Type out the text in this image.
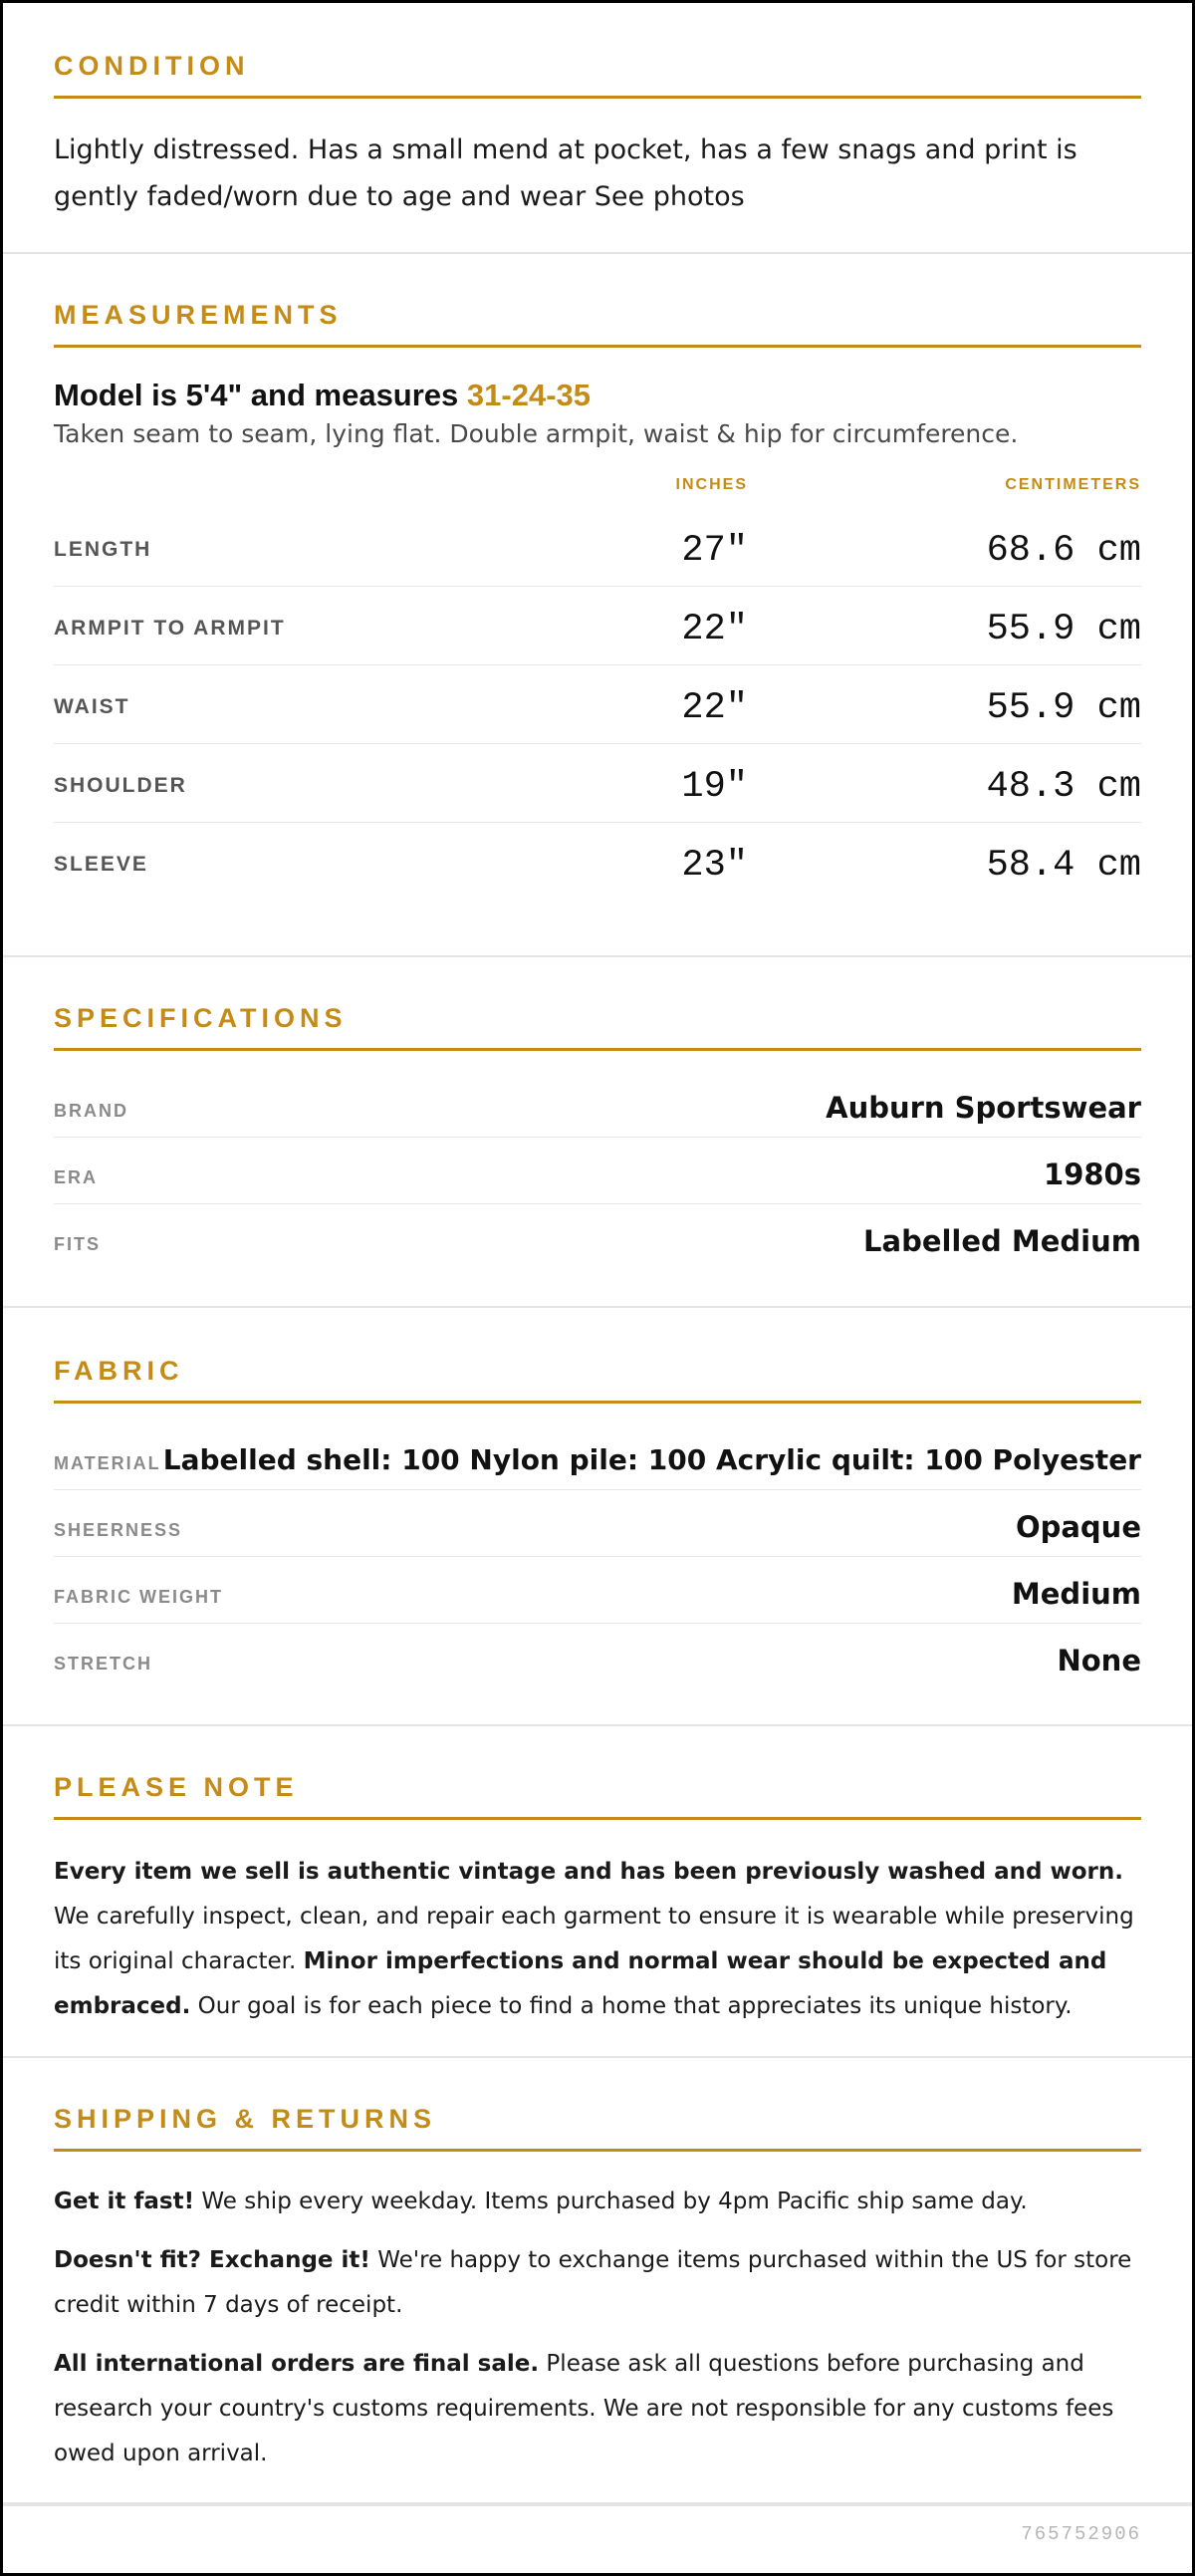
CONDITION

Lightly distressed. Has a small mend at pocket, has a few snags and print is gently faded/worn due to age and wear See photos

MEASUREMENTS
Model is 5'4" and measures 31-24-35
Taken seam to seam, lying flat. Double armpit, waist & hip for circumference.
INCHES	CENTIMETERS
LENGTH	27"	68.6 cm
ARMPIT TO ARMPIT	22"	55.9 cm
WAIST	22"	55.9 cm
SHOULDER	19"	48.3 cm
SLEEVE	23"	58.4 cm
SPECIFICATIONS
BRAND	Auburn Sportswear
ERA	1980s
FITS	Labelled Medium
FABRIC
MATERIAL Labelled shell: 100 Nylon pile: 100 Acrylic quilt: 100 Polyester
SHEERNESS	Opaque
FABRIC WEIGHT	Medium
STRETCH	None
PLEASE NOTE

Every item we sell is authentic vintage and has been previously washed and worn. We carefully inspect, clean, and repair each garment to ensure it is wearable while preserving its original character. Minor imperfections and normal wear should be expected and embraced. Our goal is for each piece to find a home that appreciates its unique history.

SHIPPING & RETURNS

Get it fast! We ship every weekday. Items purchased by 4pm Pacific ship same day.

Doesn't fit? Exchange it! We're happy to exchange items purchased within the US for store credit within 7 days of receipt.

All international orders are final sale. Please ask all questions before purchasing and research your country's customs requirements. We are not responsible for any customs fees owed upon arrival.

765752906
